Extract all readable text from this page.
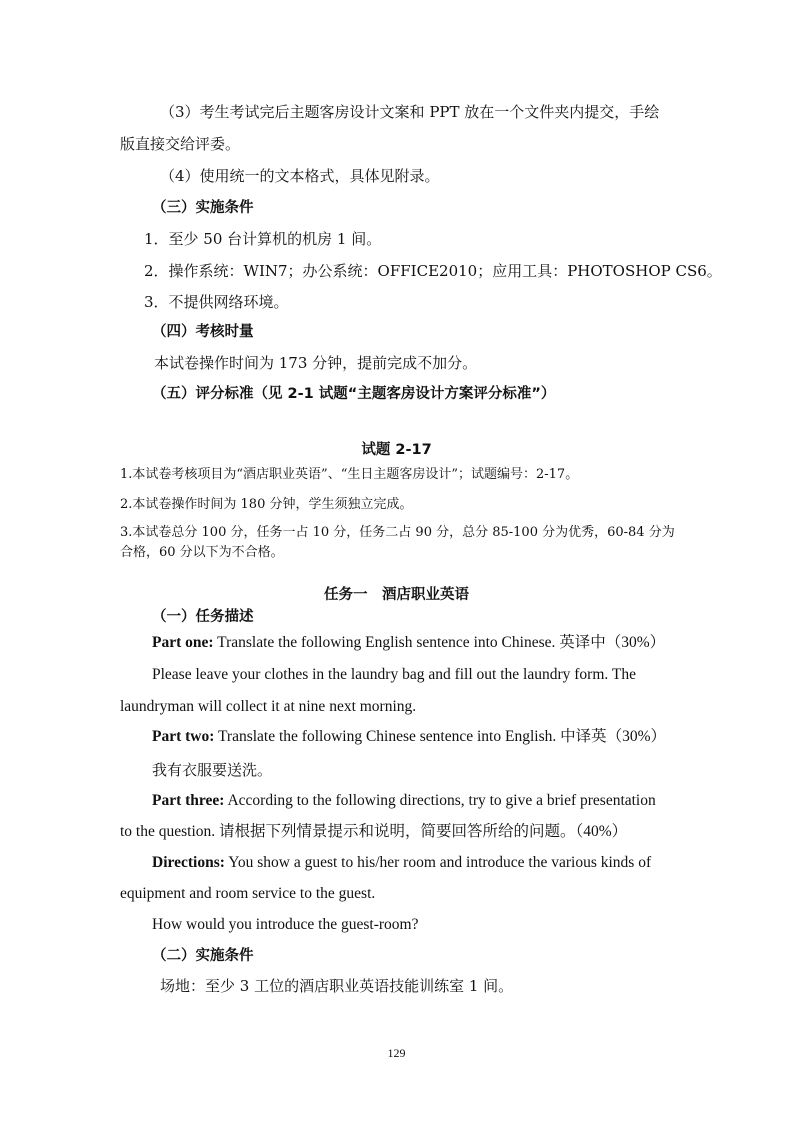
（3）考生考试完后主题客房设计文案和 PPT 放在一个文件夹内提交，手绘
版直接交给评委。
（4）使用统一的文本格式，具体见附录。
（三）实施条件
1．至少 50 台计算机的机房 1 间。
2．操作系统：WIN7；办公系统：OFFICE2010；应用工具：PHOTOSHOP CS6。
3．不提供网络环境。
（四）考核时量
本试卷操作时间为 173 分钟，提前完成不加分。
（五）评分标准（见 2-1 试题“主题客房设计方案评分标准”）
试题 2-17
1.本试卷考核项目为“酒店职业英语”、“生日主题客房设计”；试题编号：2-17。
2.本试卷操作时间为 180 分钟，学生须独立完成。
3.本试卷总分 100 分，任务一占 10 分，任务二占 90 分，总分 85-100 分为优秀，60-84 分为
合格，60 分以下为不合格。
任务一　酒店职业英语
（一）任务描述
Part one: Translate the following English sentence into Chinese. 英译中（30%）
Please leave your clothes in the laundry bag and fill out the laundry form. The
laundryman will collect it at nine next morning.
Part two: Translate the following Chinese sentence into English. 中译英（30%）
我有衣服要送洗。
Part three: According to the following directions, try to give a brief presentation
to the question. 请根据下列情景提示和说明，简要回答所给的问题。（40%）
Directions: You show a guest to his/her room and introduce the various kinds of
equipment and room service to the guest.
How would you introduce the guest-room?
（二）实施条件
场地：至少 3 工位的酒店职业英语技能训练室 1 间。
129
